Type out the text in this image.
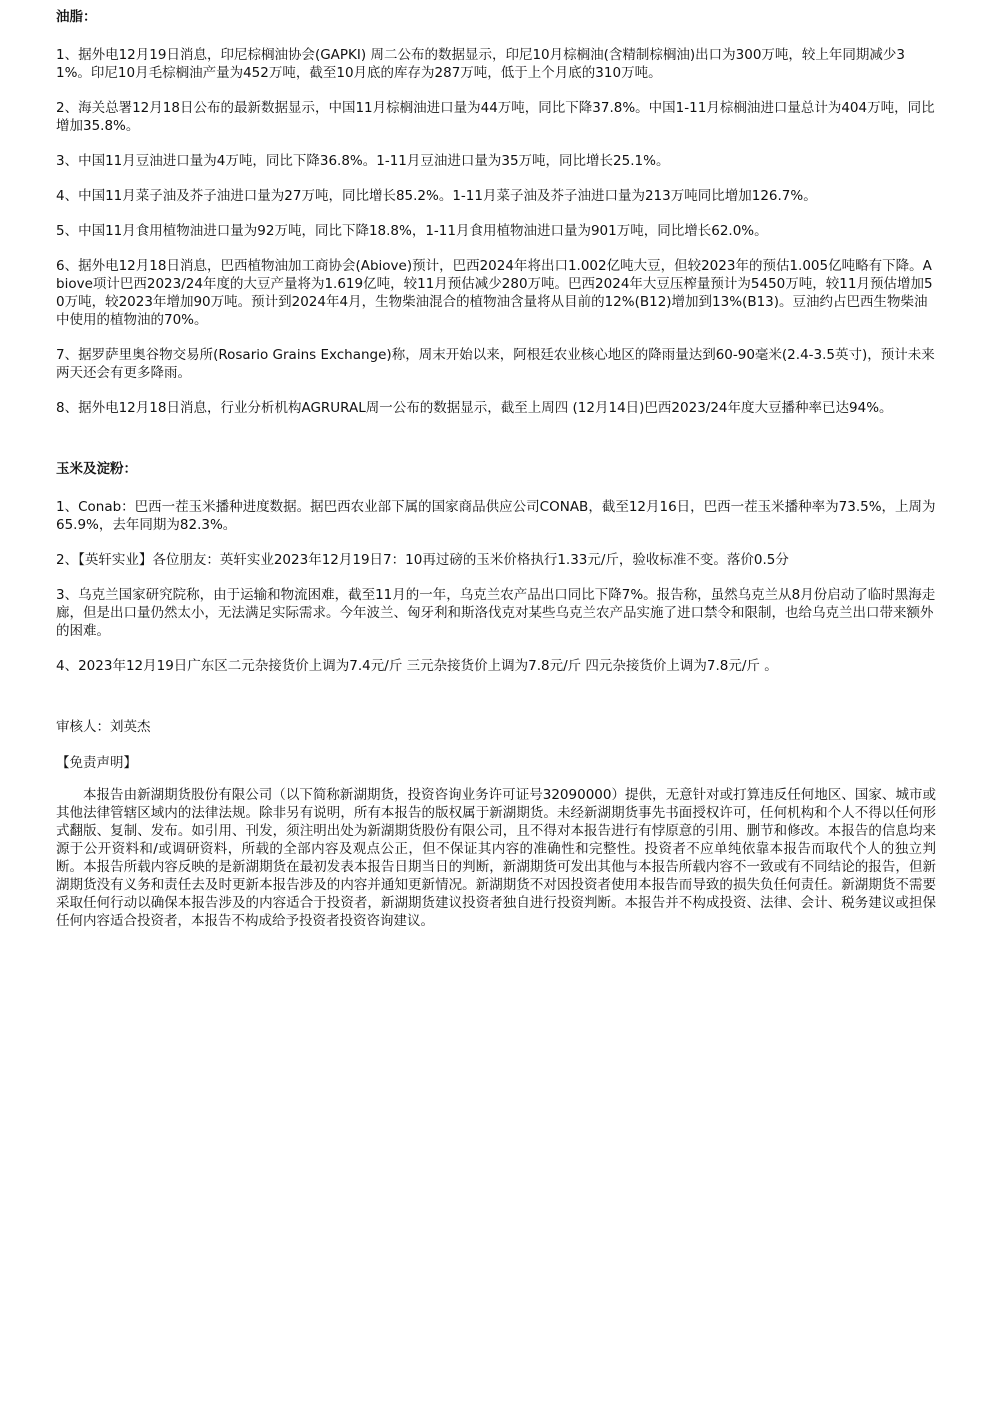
油脂：

1、据外电12月19日消息，印尼棕榈油协会(GAPKI) 周二公布的数据显示，印尼10月棕榈油(含精制棕榈油)出口为300万吨，较上年同期减少31%。印尼10月毛棕榈油产量为452万吨，截至10月底的库存为287万吨，低于上个月底的310万吨。

2、海关总署12月18日公布的最新数据显示，中国11月棕榈油进口量为44万吨，同比下降37.8%。中国1-11月棕榈油进口量总计为404万吨，同比增加35.8%。

3、中国11月豆油进口量为4万吨，同比下降36.8%。1-11月豆油进口量为35万吨，同比增长25.1%。

4、中国11月菜子油及芥子油进口量为27万吨，同比增长85.2%。1-11月菜子油及芥子油进口量为213万吨同比增加126.7%。

5、中国11月食用植物油进口量为92万吨，同比下降18.8%，1-11月食用植物油进口量为901万吨，同比增长62.0%。

6、据外电12月18日消息，巴西植物油加工商协会(Abiove)预计，巴西2024年将出口1.002亿吨大豆，但较2023年的预估1.005亿吨略有下降。Abiove项计巴西2023/24年度的大豆产量将为1.619亿吨，较11月预估减少280万吨。巴西2024年大豆压榨量预计为5450万吨，较11月预估增加50万吨，较2023年增加90万吨。预计到2024年4月，生物柴油混合的植物油含量将从目前的12%(B12)增加到13%(B13)。豆油约占巴西生物柴油中使用的植物油的70%。

7、据罗萨里奥谷物交易所(Rosario Grains Exchange)称，周末开始以来，阿根廷农业核心地区的降雨量达到60-90毫米(2.4-3.5英寸)，预计未来两天还会有更多降雨。

8、据外电12月18日消息，行业分析机构AGRURAL周一公布的数据显示，截至上周四 (12月14日)巴西2023/24年度大豆播种率已达94%。

玉米及淀粉：

1、Conab：巴西一茬玉米播种进度数据。据巴西农业部下属的国家商品供应公司CONAB，截至12月16日，巴西一茬玉米播种率为73.5%，上周为65.9%，去年同期为82.3%。

2、【英轩实业】各位朋友：英轩实业2023年12月19日7：10再过磅的玉米价格执行1.33元/斤，验收标准不变。落价0.5分

3、乌克兰国家研究院称，由于运输和物流困难，截至11月的一年，乌克兰农产品出口同比下降7%。报告称，虽然乌克兰从8月份启动了临时黑海走廊，但是出口量仍然太小，无法满足实际需求。今年波兰、匈牙利和斯洛伐克对某些乌克兰农产品实施了进口禁令和限制，也给乌克兰出口带来额外的困难。

4、2023年12月19日广东区二元杂接货价上调为7.4元/斤 三元杂接货价上调为7.8元/斤 四元杂接货价上调为7.8元/斤 。

审核人：刘英杰
【免责声明】

本报告由新湖期货股份有限公司（以下简称新湖期货，投资咨询业务许可证号32090000）提供，无意针对或打算违反任何地区、国家、城市或其他法律管辖区域内的法律法规。除非另有说明，所有本报告的版权属于新湖期货。未经新湖期货事先书面授权许可，任何机构和个人不得以任何形式翻版、复制、发布。如引用、刊发，须注明出处为新湖期货股份有限公司，且不得对本报告进行有悖原意的引用、删节和修改。本报告的信息均来源于公开资料和/或调研资料，所载的全部内容及观点公正，但不保证其内容的准确性和完整性。投资者不应单纯依靠本报告而取代个人的独立判断。本报告所载内容反映的是新湖期货在最初发表本报告日期当日的判断，新湖期货可发出其他与本报告所载内容不一致或有不同结论的报告，但新湖期货没有义务和责任去及时更新本报告涉及的内容并通知更新情况。新湖期货不对因投资者使用本报告而导致的损失负任何责任。新湖期货不需要采取任何行动以确保本报告涉及的内容适合于投资者，新湖期货建议投资者独自进行投资判断。本报告并不构成投资、法律、会计、税务建议或担保任何内容适合投资者，本报告不构成给予投资者投资咨询建议。
